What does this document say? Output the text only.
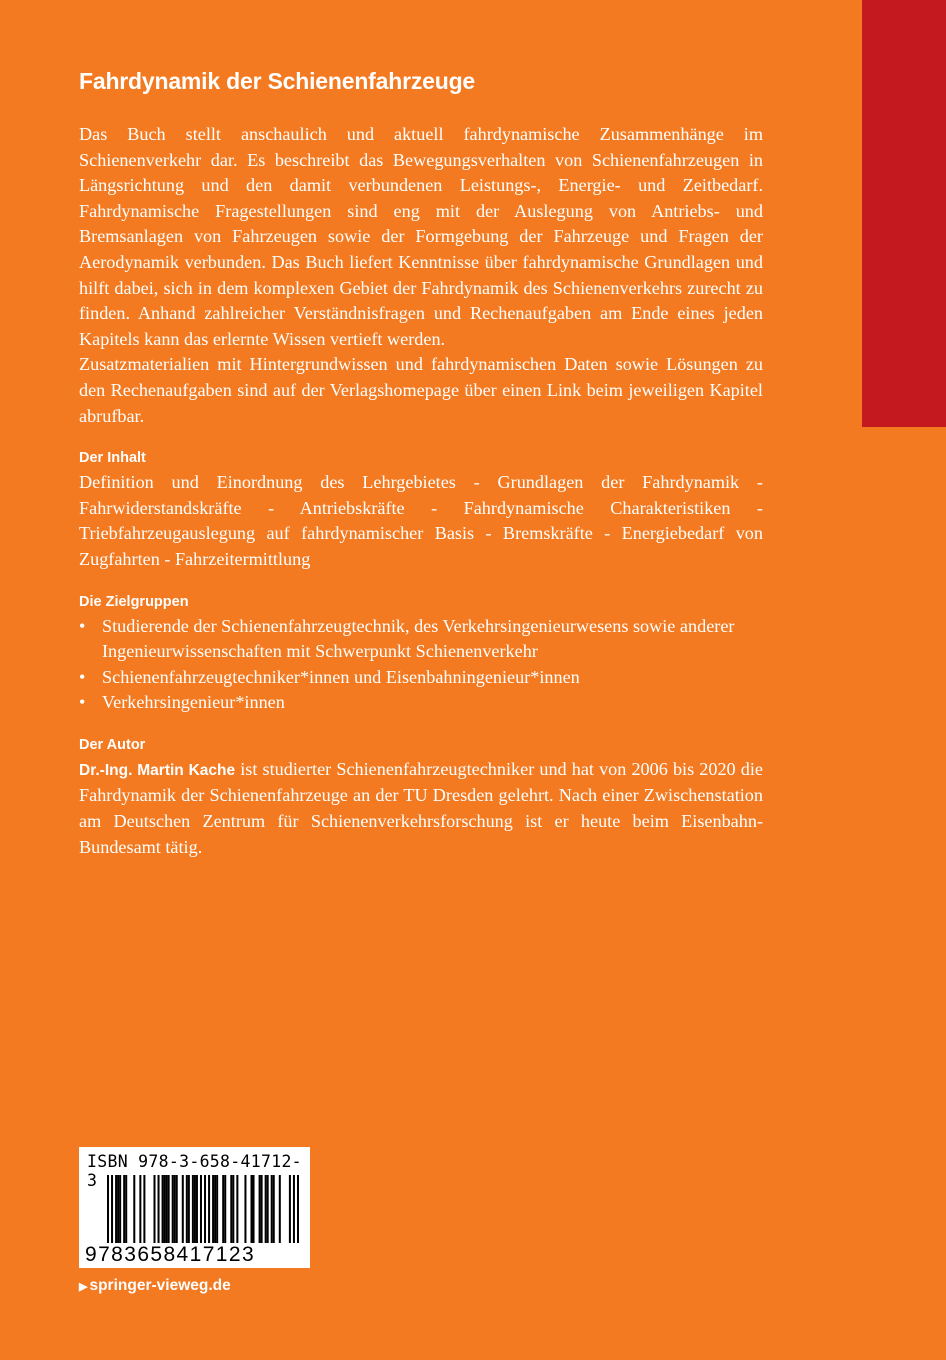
Fahrdynamik der Schienenfahrzeuge

Das Buch stellt anschaulich und aktuell fahrdynamische Zusammenhänge im Schienenverkehr dar. Es beschreibt das Bewegungsverhalten von Schienenfahrzeugen in Längsrichtung und den damit verbundenen Leistungs-, Energie- und Zeitbedarf. Fahrdynamische Fragestellungen sind eng mit der Auslegung von Antriebs- und Bremsanlagen von Fahrzeugen sowie der Formgebung der Fahrzeuge und Fragen der Aerodynamik verbunden. Das Buch liefert Kenntnisse über fahrdynamische Grundlagen und hilft dabei, sich in dem komplexen Gebiet der Fahrdynamik des Schienenverkehrs zurecht zu finden. Anhand zahlreicher Verständnisfragen und Rechenaufgaben am Ende eines jeden Kapitels kann das erlernte Wissen vertieft werden.

Zusatzmaterialien mit Hintergrundwissen und fahrdynamischen Daten sowie Lösungen zu den Rechenaufgaben sind auf der Verlagshomepage über einen Link beim jeweiligen Kapitel abrufbar.

Der Inhalt

Definition und Einordnung des Lehrgebietes - Grundlagen der Fahrdynamik - Fahrwiderstandskräfte - Antriebskräfte - Fahrdynamische Charakteristiken - Triebfahrzeugauslegung auf fahrdynamischer Basis - Bremskräfte - Energiebedarf von Zugfahrten - Fahrzeitermittlung

Die Zielgruppen
• Studierende der Schienenfahrzeugtechnik, des Verkehrsingenieurwesens sowie anderer Ingenieurwissenschaften mit Schwerpunkt Schienenverkehr
• Schienenfahrzeugtechniker*innen und Eisenbahningenieur*innen
• Verkehrsingenieur*innen
Der Autor

Dr.-Ing. Martin Kache ist studierter Schienenfahrzeugtechniker und hat von 2006 bis 2020 die Fahrdynamik der Schienenfahrzeuge an der TU Dresden gelehrt. Nach einer Zwischenstation am Deutschen Zentrum für Schienenverkehrsforschung ist er heute beim Eisenbahn-Bundesamt tätig.

ISBN 978-3-658-41712-3
9783658417123
▶ springer-vieweg.de
